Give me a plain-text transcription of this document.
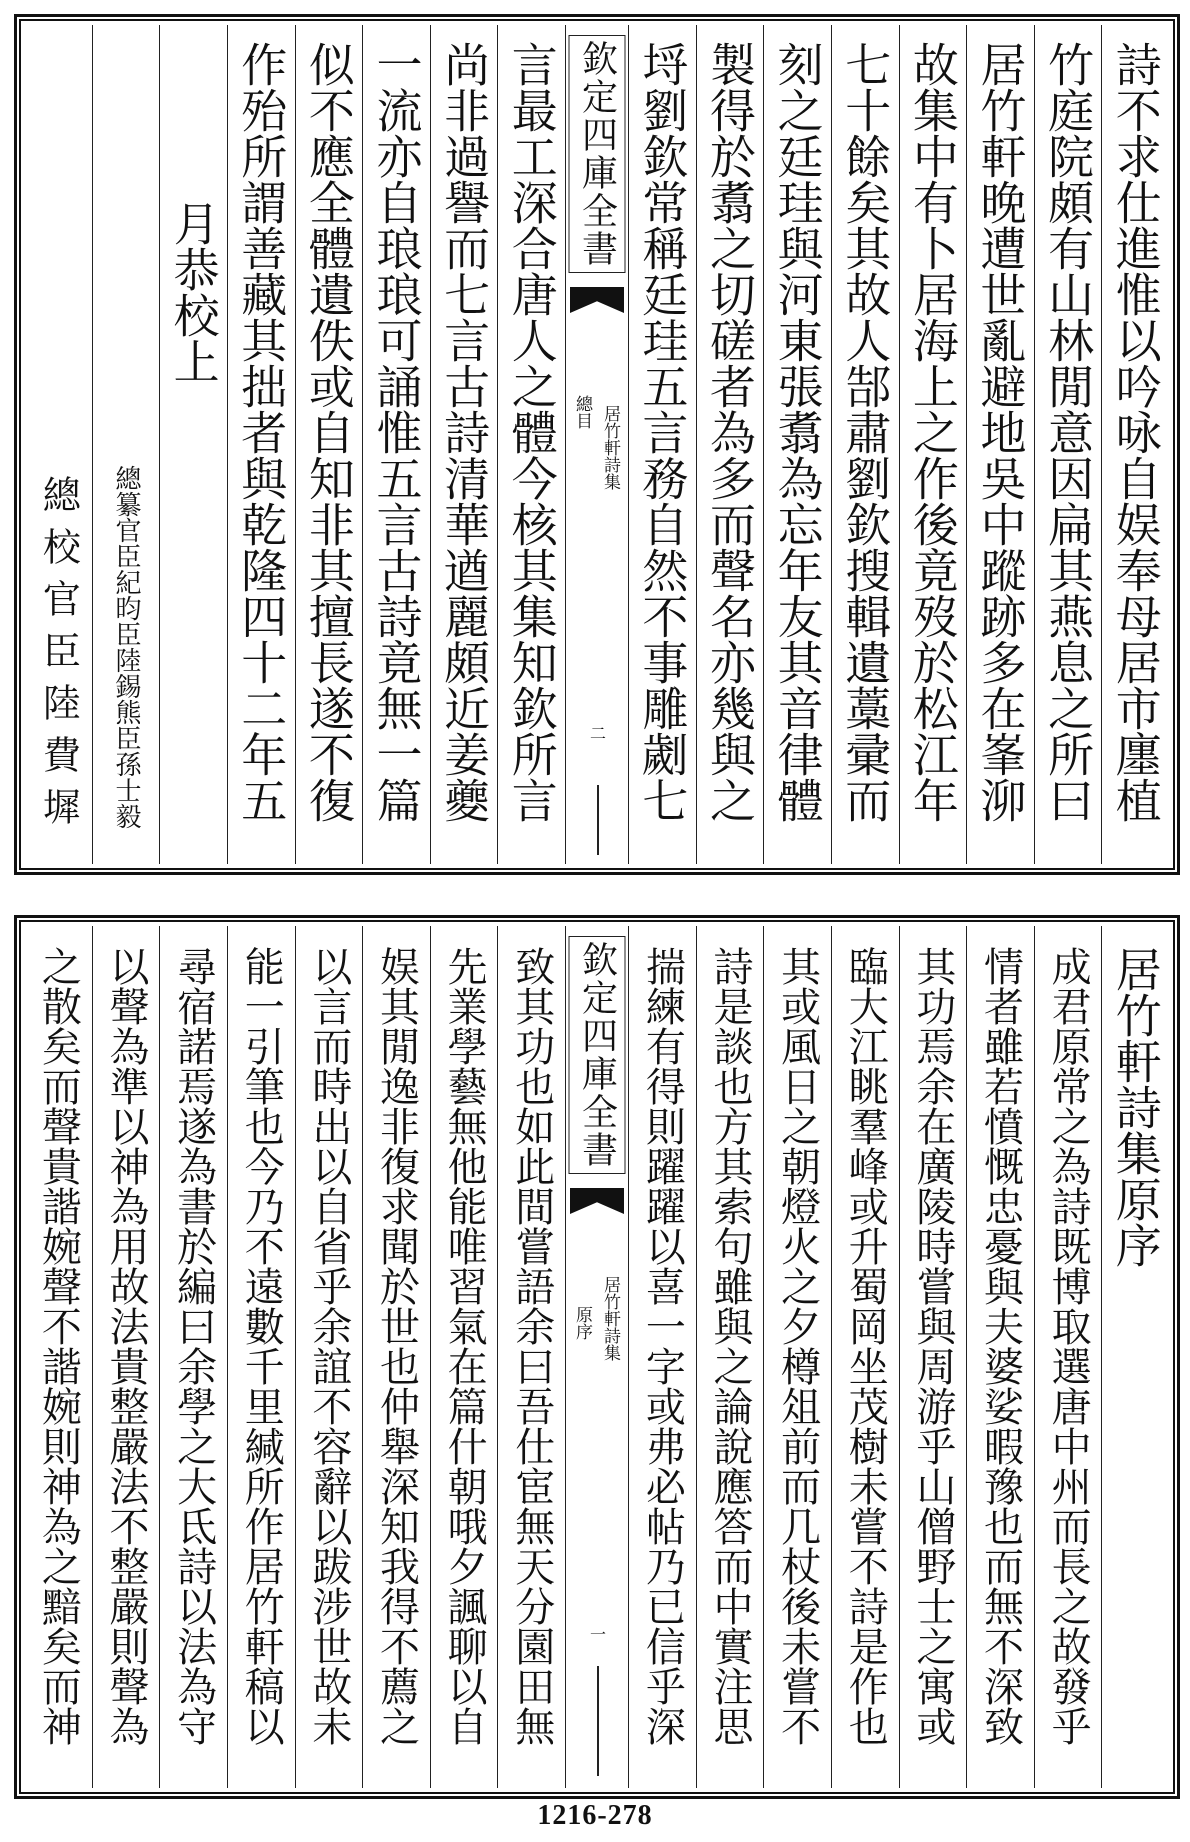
詩不求仕進惟以吟咏自娱奉母居市廛植
竹庭院頗有山林閒意因扁其燕息之所曰
居竹軒晚遭世亂避地吳中蹤跡多在峯泖
故集中有卜居海上之作後竟歿於松江年
七十餘矣其故人郜肅劉欽搜輯遺藁彚而
刻之廷珪與河東張翥為忘年友其音律體
製得於翥之切磋者為多而聲名亦幾與之
埒劉欽常稱廷珪五言務自然不事雕劌七
欽定四庫全書
居竹軒詩集
總目
二
言最工深合唐人之體今核其集知欽所言
尚非過譽而七言古詩清華遒麗頗近姜夔
一流亦自琅琅可誦惟五言古詩竟無一篇
似不應全體遺佚或自知非其擅長遂不復
作殆所謂善藏其拙者與乾隆四十二年五
月恭校上
總纂官臣紀昀臣陸錫熊臣孫士毅
總校官臣陸費墀
居竹軒詩集原序
成君原常之為詩既博取選唐中州而長之故發乎
情者雖若憤慨忠憂與夫婆娑暇豫也而無不深致
其功焉余在廣陵時嘗與周游乎山僧野士之寓或
臨大江眺羣峰或升蜀岡坐茂樹未嘗不詩是作也
其或風日之朝燈火之夕樽俎前而几杖後未嘗不
詩是談也方其索句雖與之論說應答而中實注思
揣練有得則躍躍以喜一字或弗必帖乃已信乎深
欽定四庫全書
居竹軒詩集
原序
一
致其功也如此間嘗語余曰吾仕宦無天分園田無
先業學藝無他能唯習氣在篇什朝哦夕諷聊以自
娱其閒逸非復求聞於世也仲舉深知我得不薦之
以言而時出以自省乎余誼不容辭以跋涉世故未
能一引筆也今乃不遠數千里緘所作居竹軒稿以
尋宿諾焉遂為書於編曰余學之大氐詩以法為守
以聲為準以神為用故法貴整嚴法不整嚴則聲為
之散矣而聲貴諧婉聲不諧婉則神為之黯矣而神
1216-278
